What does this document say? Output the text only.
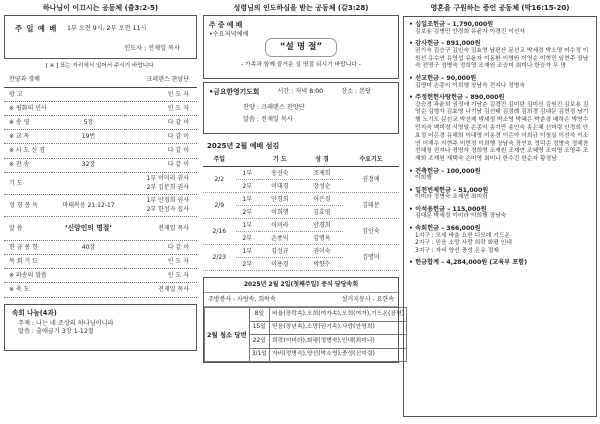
하나님이 이끄시는 공동체 (출3:2-5)
주 일 예 배 1부 오전 9시, 2부 오전 11시
인도자 : 전재일 목사
[ ※ ] 표는 자리에서 일어서 주시기 바랍니다.
찬양과 경배		크레덴스 찬양단
광 고		인 도 자
※ 평화의 인사		인 도 자
※ 송 영	5장	다 같 이
※ 교 독	19번	다 같 이
※ 사 도 신 경		다 같 이
※ 찬 송	32장	다 같 이
기 도		1부 이미라 권사
2부 김문희 권사

성 경 봉 독	마태복음 21:12-17	1부 안경희 권사
2부 한성자 집사

말 씀	‘신앙인의 명절’	전재일 목사
헌 금 봉 헌	40장	다 같 이
목 회 기 도		인 도 자
※ 파송의 말씀		인 도 자
※ 축 도		전재일 목사
속회 나눔(4과)
주제 : 나는 네 조상의 하나님이니라
말씀 : 출애굽기 3장 1-12절
성령님의 인도하심을 받는 공동체 (갈3:28)
주 중 예 배
•수요저녁예배
“설 명 절”
- 가족과 함께 즐거운 설 명절 되시기 바랍니다 -
•금요한영기도회	시간 : 저녁 8:00	장소 : 본당
찬양 : 크레덴스 찬양단
말씀 : 전재일 목사
2025년 2월 예배 섬김
주일		기 도	성 경	수요기도
2/2	1부	송선숙	조제희	권정애
	2부	이대경	장성순	
2/9	1부	안경희	어은경	김태문
	2부	이희행	김효영	
2/16	1부	이미라	안경희	김인숙
	2부	손종익	김명옥	
2/23	1부	김성규	권미숙	김명미
	2부	이용경	박향수	
2025년 2월 2일(첫째주일) 중식 담당속회
주방봉사 - 사랑속, 희락속	설거지봉사 - 요한속
2월 청소 당번	8일	비율(장락속),오희(여자속),오희(여자),기드온(장년)
	15일	믿음(장년속),소망(권기속),사랑(안영희)
	22일	희락(이미라),화평(정병숙),인내(최미나)
	3/1일	자비(정병숙),양선(박소영),충성(신미령)
영혼을 구원하는 증언 공동체 (막16:15-20)
• 십일조헌금 – 1,790,000원
김보용 김병민 안경희 유윤자 이경진 이선자
• 감사헌금 – 891,000원
권기숙 김승구 김인숙 김효영 남편산 문선교 박세정 박소영 어수정 이원선 유수연 유영섭 유윤자 이동환 이영원 이영순 이혁민 임현주 장남숙 전명구 정병숙 정희영 조재원 조승미 최미나 한승자 무 명
• 선교헌금 – 90,000원
김명미 손종익 이희행 장남숙 전지나 정병숙
• 주정헌헌사랑헌금 – 890,000원
강승경 곽윤희 권정애 기남순 김경진 김미란 김미선 김원진 김보용 김영순 김형자 김효영 나기남 김선태 김정례 김희경 김대문 김현정 남기행 노기도 문선교 박선제 박세정 박소영 박혜은 박춘경 배하은 박영수 민지숙 백미경 서영일 손종익 송기만 송인숙 송은혜 신미령 안경희 안효정 어은경 유해희 이대영 이동경 이은아 이희규 이청실 이선자 이소연 이재우 이현주 이현정 이희행 장남숙 장인호 정덕순 정병숙 정해찬 전해청 전지나 정명자 정희영 조재원 조재연 조혜영 조미영 조영주 조재희 조재원 재택숙 손미영 최미나 한수진 한순자 황정남
• 건축헌금 – 100,000원
이희행
• 일천번제헌금 – 51,000원
이미라 정병숙 조재연 최미령
• 이석용헌금 – 115,000원
김대문 박세정 이미라 이희행 장남숙
• 속회헌금 – 366,000원
1지구 : 모세 바울 요한 디모데 기드온
2지구 : 믿음 소망 사랑 희락 화평 인내
3지구 : 자비 양선 충성 온유 절제
• 헌금합계 – 4,284,000원 (교육부 포함)
